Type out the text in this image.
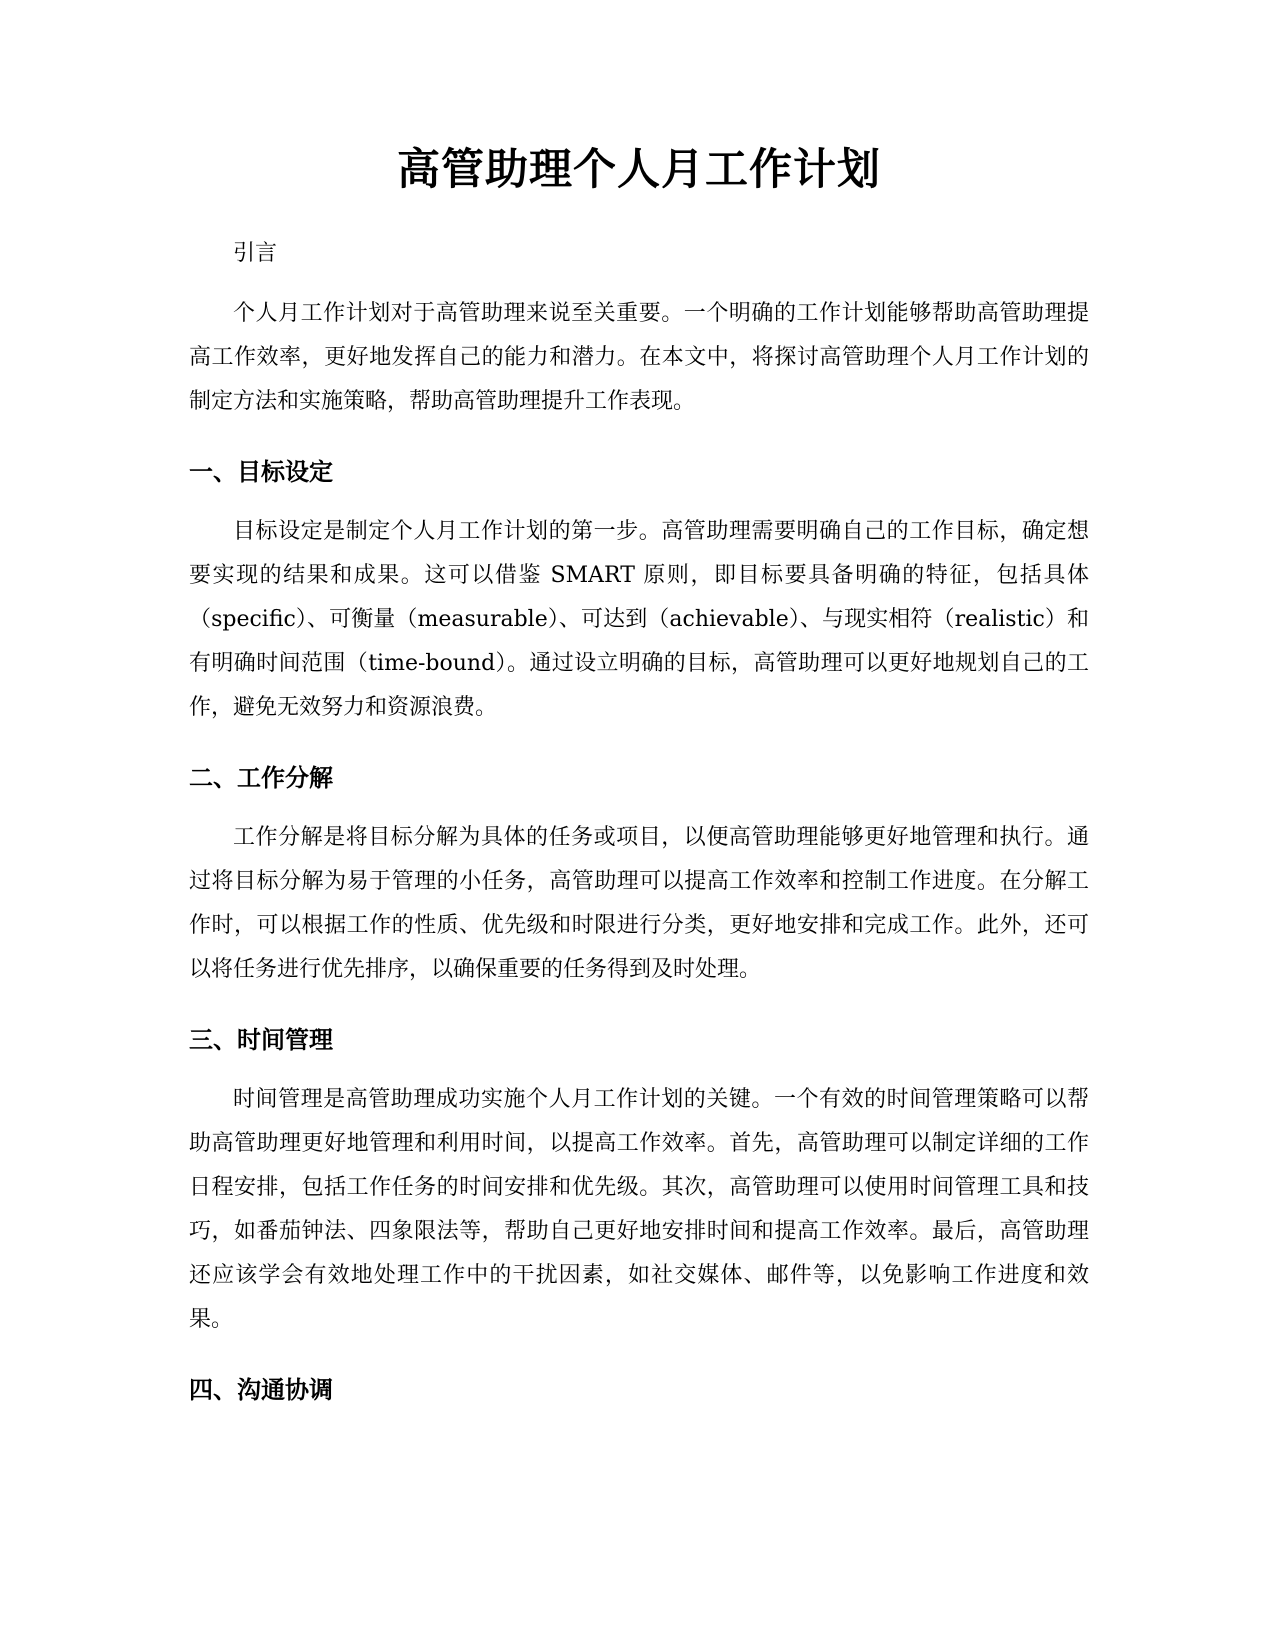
高管助理个人月工作计划

引言

个人月工作计划对于高管助理来说至关重要。一个明确的工作计划能够帮助高管助理提高工作效率，更好地发挥自己的能力和潜力。在本文中，将探讨高管助理个人月工作计划的制定方法和实施策略，帮助高管助理提升工作表现。

一、目标设定

目标设定是制定个人月工作计划的第一步。高管助理需要明确自己的工作目标，确定想要实现的结果和成果。这可以借鉴 SMART 原则，即目标要具备明确的特征，包括具体（specific）、可衡量（measurable）、可达到（achievable）、与现实相符（realistic）和有明确时间范围（time-bound）。通过设立明确的目标，高管助理可以更好地规划自己的工作，避免无效努力和资源浪费。

二、工作分解

工作分解是将目标分解为具体的任务或项目，以便高管助理能够更好地管理和执行。通过将目标分解为易于管理的小任务，高管助理可以提高工作效率和控制工作进度。在分解工作时，可以根据工作的性质、优先级和时限进行分类，更好地安排和完成工作。此外，还可以将任务进行优先排序，以确保重要的任务得到及时处理。

三、时间管理

时间管理是高管助理成功实施个人月工作计划的关键。一个有效的时间管理策略可以帮助高管助理更好地管理和利用时间，以提高工作效率。首先，高管助理可以制定详细的工作日程安排，包括工作任务的时间安排和优先级。其次，高管助理可以使用时间管理工具和技巧，如番茄钟法、四象限法等，帮助自己更好地安排时间和提高工作效率。最后，高管助理还应该学会有效地处理工作中的干扰因素，如社交媒体、邮件等，以免影响工作进度和效果。

四、沟通协调
